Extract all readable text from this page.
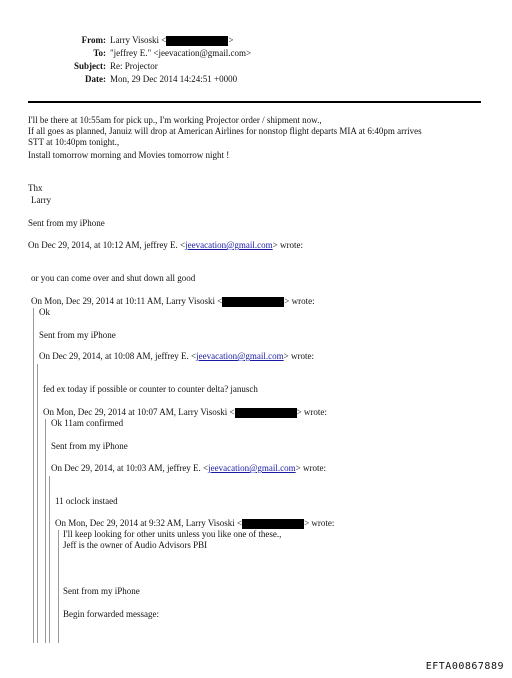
From: Larry Visoski <	>
To: "jeffrey E." <jeevacation@gmail.com>
Subject: Re: Projector
Date: Mon, 29 Dec 2014 14:24:51 +0000
I'll be there at 10:55am for pick up., I'm working Projector order / shipment now.,
If all goes as planned, Januiz will drop at American Airlines for nonstop flight departs MIA at 6:40pm arrives
STT at 10:40pm tonight.,
Install tomorrow morning and Movies tomorrow night !
Thx
Larry
Sent from my iPhone
On Dec 29, 2014, at 10:12 AM, jeffrey E. <jeevacation@gmail.com> wrote:
or you can come over and shut down all good
On Mon, Dec 29, 2014 at 10:11 AM, Larry Visoski <	> wrote:
Ok
Sent from my iPhone
On Dec 29, 2014, at 10:08 AM, jeffrey E. <jeevacation@gmail.com> wrote:
fed ex today if possible or counter to counter delta? janusch
On Mon, Dec 29, 2014 at 10:07 AM, Larry Visoski <	> wrote:
Ok 11am confirmed
Sent from my iPhone
On Dec 29, 2014, at 10:03 AM, jeffrey E. <jeevacation@gmail.com> wrote:
11 oclock instaed
On Mon, Dec 29, 2014 at 9:32 AM, Larry Visoski <	> wrote:
I'll keep looking for other units unless you like one of these.,
Jeff is the owner of Audio Advisors PBI
Sent from my iPhone
Begin forwarded message:
EFTA00867889
